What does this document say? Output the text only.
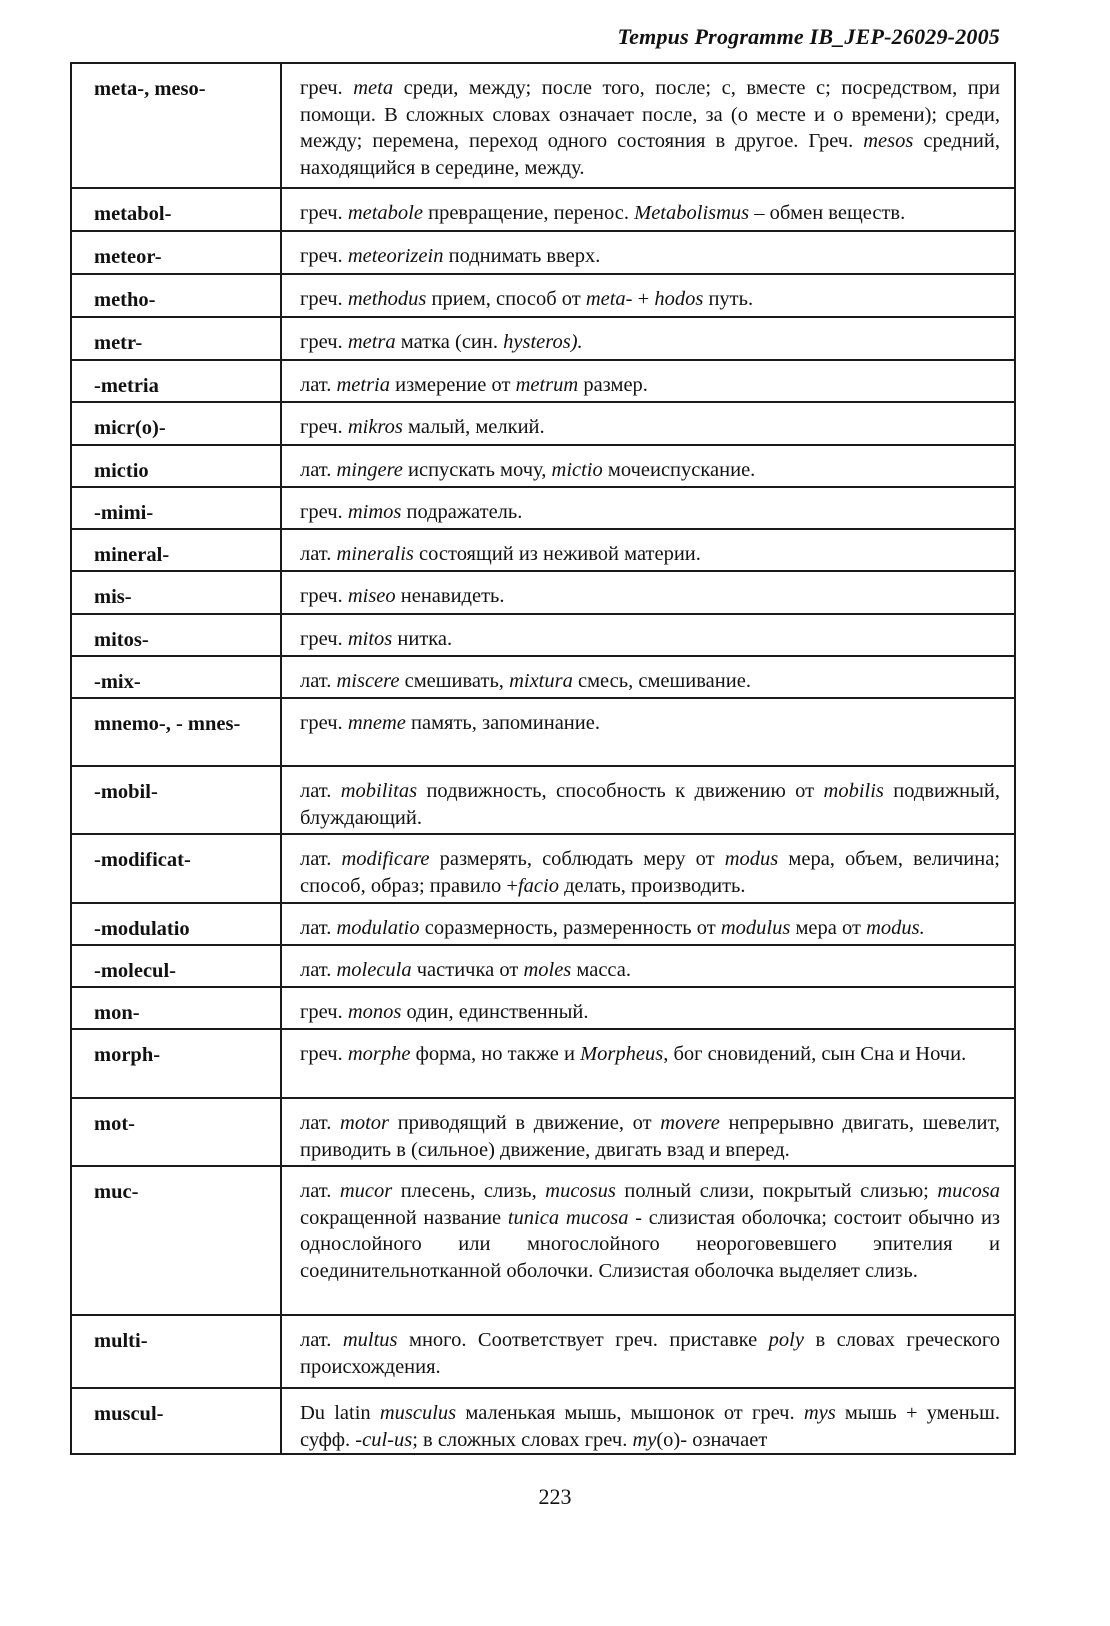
Tempus Programme IB_JEP-26029-2005
meta-, meso-	греч. meta среди, между; после того, после; с, вместе с; посредством, при помощи. В сложных словах означает после, за (о месте и о времени); среди, между; перемена, переход одного состояния в другое. Греч. mesos средний, находящийся в середине, между.
metabol-	греч. metabole превращение, перенос. Metabolismus – обмен веществ.
meteor-	греч. meteorizein поднимать вверх.
metho-	греч. methodus прием, способ от meta- + hodos путь.
metr-	греч. metra матка (син. hysteros).
-metria	лат. metria измерение от metrum размер.
micr(o)-	греч. mikros малый, мелкий.
mictio	лат. mingere испускать мочу, mictio мочеиспускание.
-mimi-	греч. mimos подражатель.
mineral-	лат. mineralis состоящий из неживой материи.
mis-	греч. miseo ненавидеть.
mitos-	греч. mitos нитка.
-mix-	лат. miscere смешивать, mixtura смесь, смешивание.
mnemo-, - mnes-	греч. mneme память, запоминание.
-mobil-	лат. mobilitas подвижность, способность к движению от mobilis подвижный, блуждающий.
-modificat-	лат. modificare размерять, соблюдать меру от modus мера, объем, величина; способ, образ; правило +facio делать, производить.
-modulatio	лат. modulatio соразмерность, размеренность от modulus мера от modus.
-molecul-	лат. molecula частичка от moles масса.
mon-	греч. monos один, единственный.
morph-	греч. morphe форма, но также и Morpheus, бог сновидений, сын Сна и Ночи.
mot-	лат. motor приводящий в движение, от movere непрерывно двигать, шевелит, приводить в (сильное) движение, двигать взад и вперед.
muc-	лат. mucor плесень, слизь, mucosus полный слизи, покрытый слизью; mucosa сокращенной название tunica mucosa - слизистая оболочка; состоит обычно из однослойного или многослойного неороговевшего эпителия и соединительнотканной оболочки. Слизистая оболочка выделяет слизь.
multi-	лат. multus много. Соответствует греч. приставке poly в словах греческого происхождения.
muscul-	Du latin musculus маленькая мышь, мышонок от греч. mys мышь + уменьш. суфф. -cul-us; в сложных словах греч. my(о)- означает
223
